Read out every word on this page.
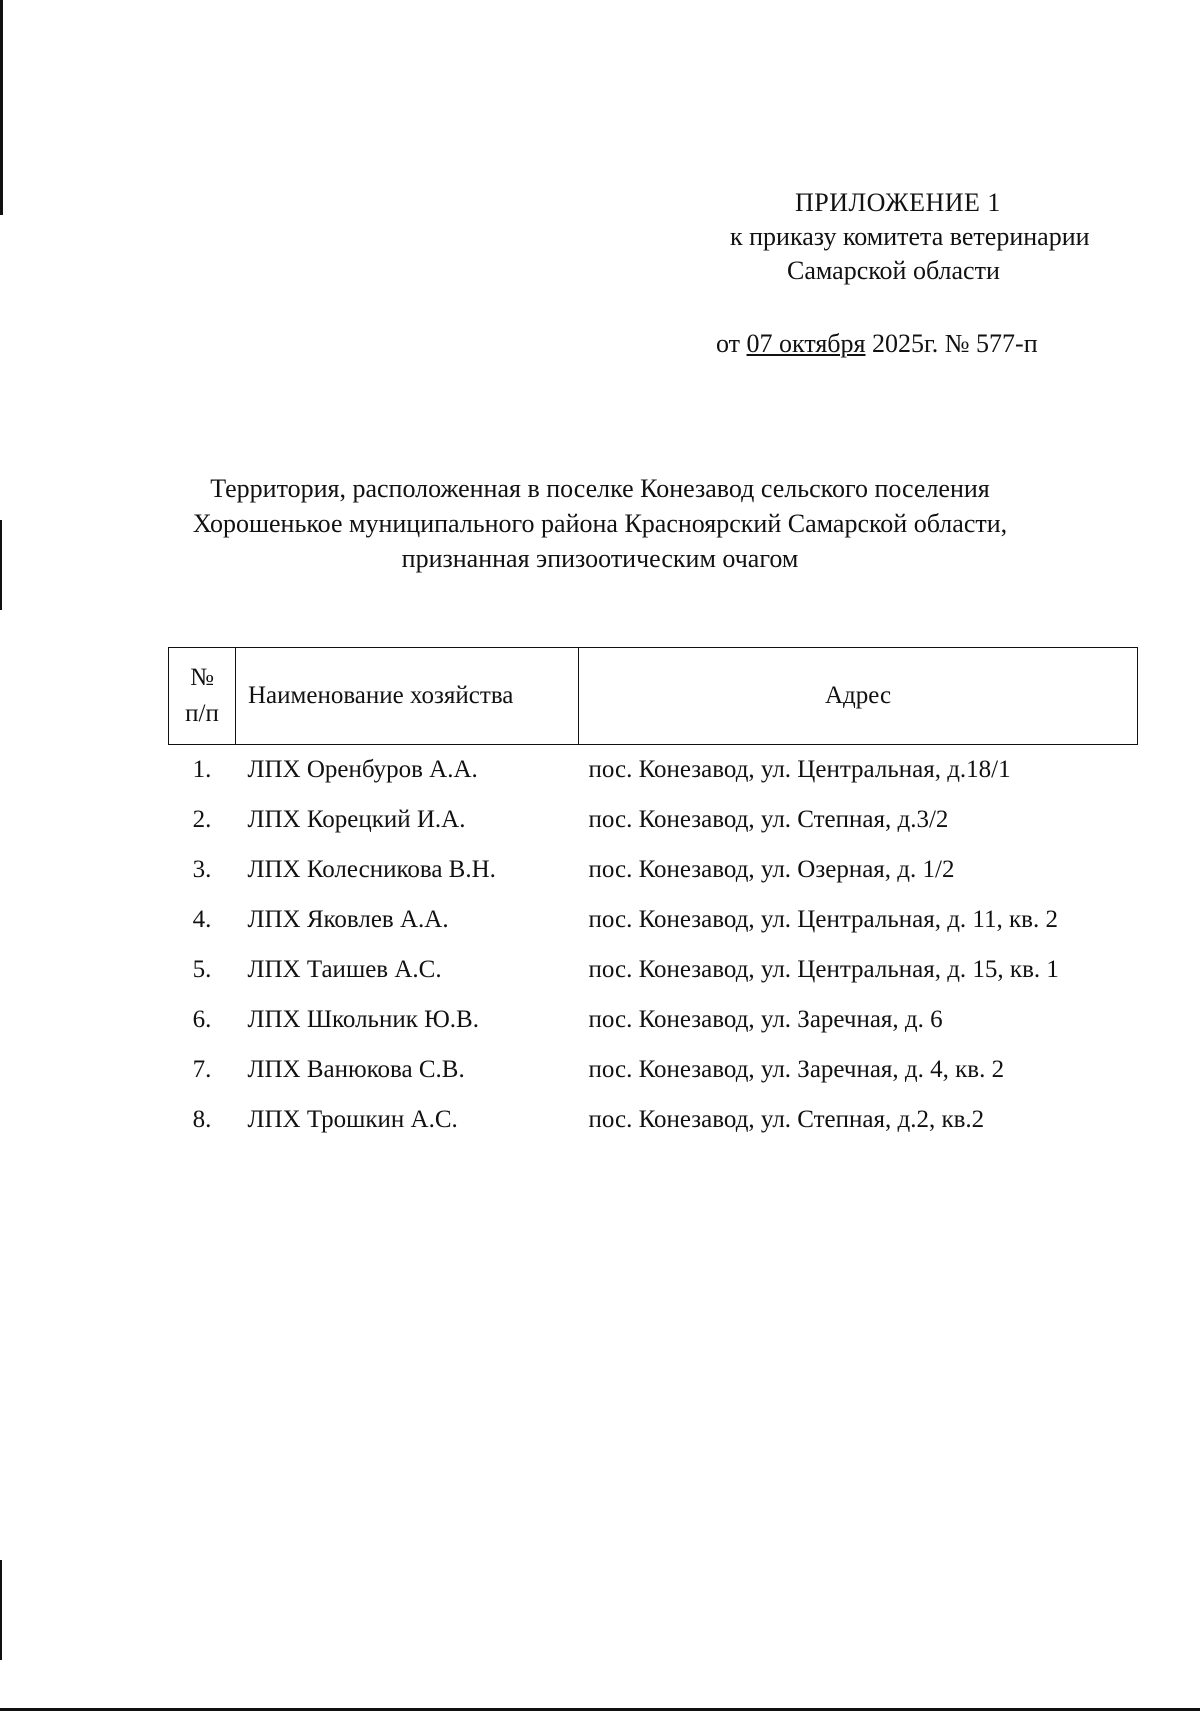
ПРИЛОЖЕНИЕ 1
к приказу комитета ветеринарии
Самарской области
от 07 октября 2025г. № 577-п
Территория, расположенная в поселке Конезавод сельского поселения
Хорошенькое муниципального района Красноярский Самарской области,
признанная эпизоотическим очагом
№
п/п	Наименование хозяйства	Адрес
1.	ЛПХ Оренбуров А.А.	пос. Конезавод, ул. Центральная, д.18/1
2.	ЛПХ Корецкий И.А.	пос. Конезавод, ул. Степная, д.3/2
3.	ЛПХ Колесникова В.Н.	пос. Конезавод, ул. Озерная, д. 1/2
4.	ЛПХ Яковлев А.А.	пос. Конезавод, ул. Центральная, д. 11, кв. 2
5.	ЛПХ Таишев А.С.	пос. Конезавод, ул. Центральная, д. 15, кв. 1
6.	ЛПХ Школьник Ю.В.	пос. Конезавод, ул. Заречная, д. 6
7.	ЛПХ Ванюкова С.В.	пос. Конезавод, ул. Заречная, д. 4, кв. 2
8.	ЛПХ Трошкин А.С.	пос. Конезавод, ул. Степная, д.2, кв.2
